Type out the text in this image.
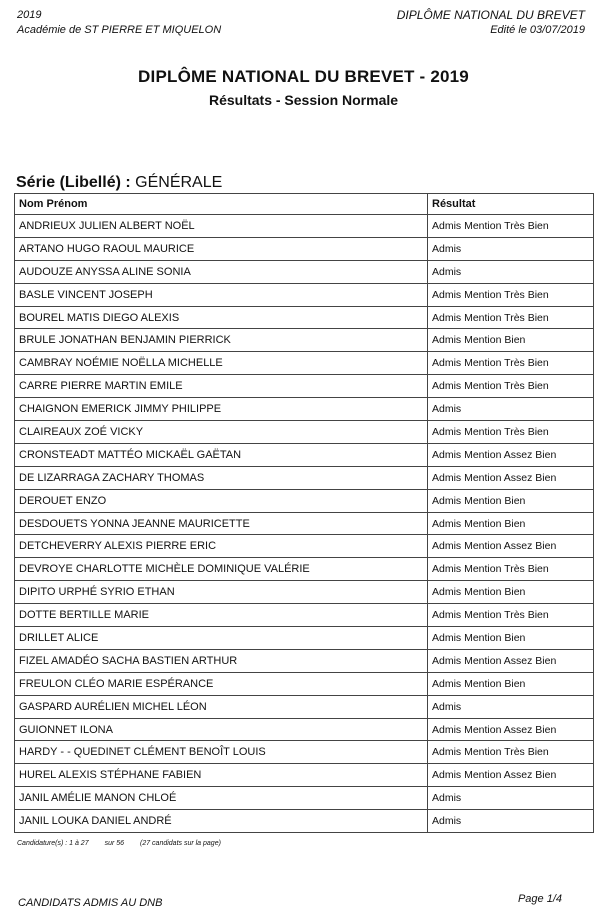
2019
Académie de ST PIERRE ET MIQUELON
DIPLÔME NATIONAL DU BREVET
Edité le 03/07/2019
DIPLÔME NATIONAL DU BREVET - 2019
Résultats - Session Normale
Série (Libellé) : GÉNÉRALE
Nom Prénom	Résultat
ANDRIEUX JULIEN ALBERT NOËL	Admis Mention Très Bien
ARTANO HUGO RAOUL MAURICE	Admis
AUDOUZE ANYSSA ALINE SONIA	Admis
BASLE VINCENT JOSEPH	Admis Mention Très Bien
BOUREL MATIS DIEGO ALEXIS	Admis Mention Très Bien
BRULE JONATHAN BENJAMIN PIERRICK	Admis Mention Bien
CAMBRAY NOÉMIE NOËLLA MICHELLE	Admis Mention Très Bien
CARRE PIERRE MARTIN EMILE	Admis Mention Très Bien
CHAIGNON EMERICK JIMMY PHILIPPE	Admis
CLAIREAUX ZOÉ VICKY	Admis Mention Très Bien
CRONSTEADT MATTÉO MICKAËL GAËTAN	Admis Mention Assez Bien
DE LIZARRAGA ZACHARY THOMAS	Admis Mention Assez Bien
DEROUET ENZO	Admis Mention Bien
DESDOUETS YONNA JEANNE MAURICETTE	Admis Mention Bien
DETCHEVERRY ALEXIS PIERRE ERIC	Admis Mention Assez Bien
DEVROYE CHARLOTTE MICHÈLE DOMINIQUE VALÉRIE	Admis Mention Très Bien
DIPITO URPHÉ SYRIO ETHAN	Admis Mention Bien
DOTTE BERTILLE MARIE	Admis Mention Très Bien
DRILLET ALICE	Admis Mention Bien
FIZEL AMADÉO SACHA BASTIEN ARTHUR	Admis Mention Assez Bien
FREULON CLÉO MARIE ESPÉRANCE	Admis Mention Bien
GASPARD AURÉLIEN MICHEL LÉON	Admis
GUIONNET ILONA	Admis Mention Assez Bien
HARDY - - QUEDINET CLÉMENT BENOÎT LOUIS	Admis Mention Très Bien
HUREL ALEXIS STÉPHANE FABIEN	Admis Mention Assez Bien
JANIL AMÉLIE MANON CHLOÉ	Admis
JANIL LOUKA DANIEL ANDRÉ	Admis
Candidature(s) : 1 à 27 sur 56 (27 candidats sur la page)
CANDIDATS ADMIS AU DNB	Page 1/4
